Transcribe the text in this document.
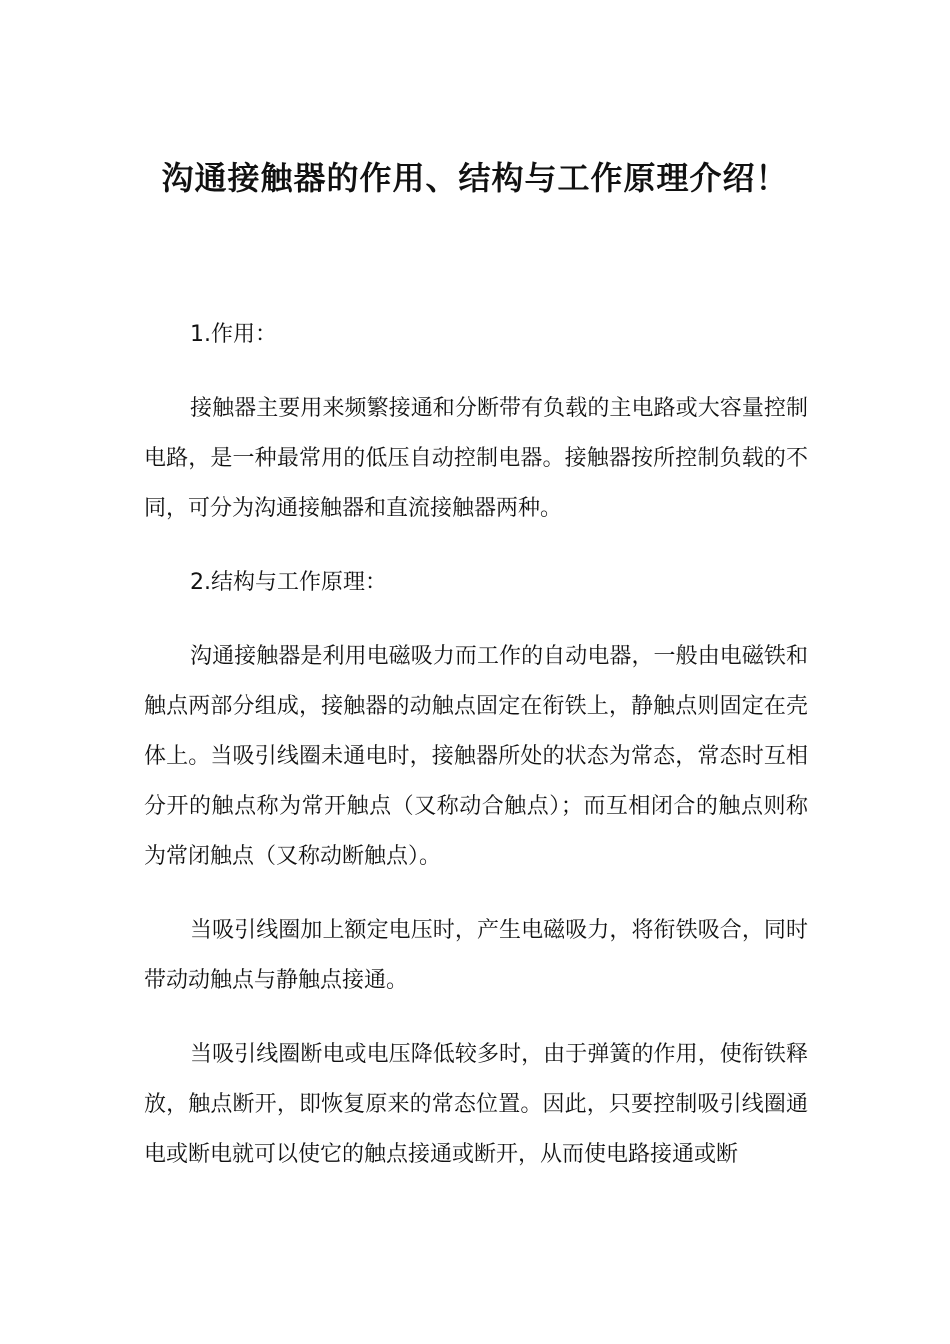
沟通接触器的作用、结构与工作原理介绍！

1.作用：

接触器主要用来频繁接通和分断带有负载的主电路或大容量控制电路，是一种最常用的低压自动控制电器。接触器按所控制负载的不同，可分为沟通接触器和直流接触器两种。

2.结构与工作原理：

沟通接触器是利用电磁吸力而工作的自动电器，一般由电磁铁和触点两部分组成，接触器的动触点固定在衔铁上，静触点则固定在壳体上。当吸引线圈未通电时，接触器所处的状态为常态，常态时互相分开的触点称为常开触点（又称动合触点）；而互相闭合的触点则称为常闭触点（又称动断触点）。

当吸引线圈加上额定电压时，产生电磁吸力，将衔铁吸合，同时带动动触点与静触点接通。

当吸引线圈断电或电压降低较多时，由于弹簧的作用，使衔铁释放，触点断开，即恢复原来的常态位置。因此，只要控制吸引线圈通电或断电就可以使它的触点接通或断开，从而使电路接通或断
